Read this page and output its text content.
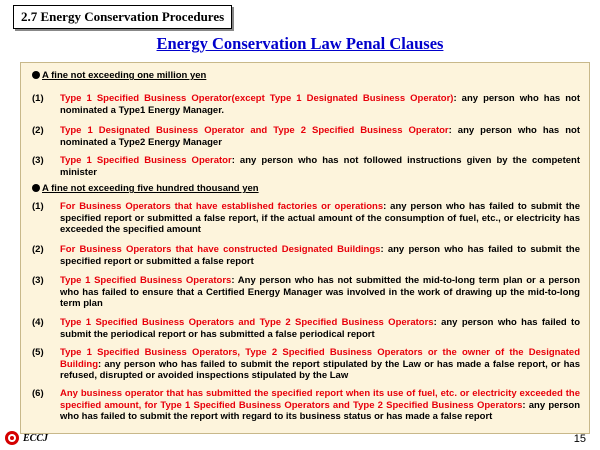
2.7 Energy Conservation Procedures
Energy Conservation Law Penal Clauses
A fine not exceeding one million yen
(1) Type 1 Specified Business Operator(except Type 1 Designated Business Operator): any person who has not nominated a Type1 Energy Manager.
(2) Type 1 Designated Business Operator and Type 2 Specified Business Operator: any person who has not nominated a Type2 Energy Manager
(3) Type 1 Specified Business Operator: any person who has not followed instructions given by the competent minister
A fine not exceeding five hundred thousand yen
(1) For Business Operators that have established factories or operations: any person who has failed to submit the specified report or submitted a false report, if the actual amount of the consumption of fuel, etc., or electricity has exceeded the specified amount
(2) For Business Operators that have constructed Designated Buildings: any person who has failed to submit the specified report or submitted a false report
(3) Type 1 Specified Business Operators: Any person who has not submitted the mid-to-long term plan or a person who has failed to ensure that a Certified Energy Manager was involved in the work of drawing up the mid-to-long term plan
(4) Type 1 Specified Business Operators and Type 2 Specified Business Operators: any person who has failed to submit the periodical report or has submitted a false periodical report
(5) Type 1 Specified Business Operators, Type 2 Specified Business Operators or the owner of the Designated Building: any person who has failed to submit the report stipulated by the Law or has made a false report, or has refused, disrupted or avoided inspections stipulated by the Law
(6) Any business operator that has submitted the specified report when its use of fuel, etc. or electricity exceeded the specified amount, for Type 1 Specified Business Operators and Type 2 Specified Business Operators: any person who has failed to submit the report with regard to its business status or has made a false report
ECCJ	15
